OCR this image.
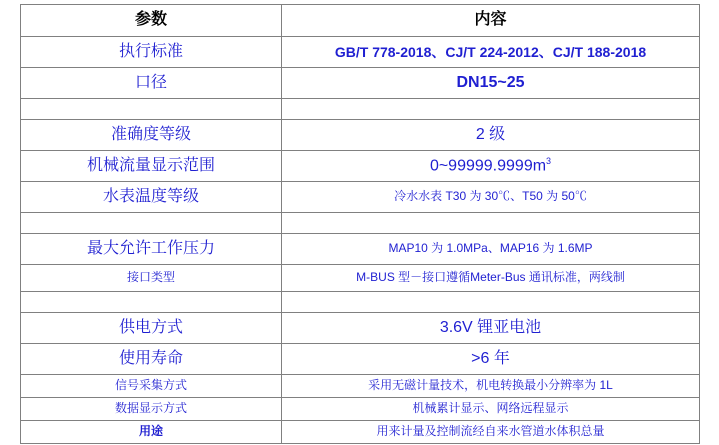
参数	内容
执行标准	GB/T 778-2018、CJ/T 224-2012、CJ/T 188-2018
口径	DN15~25

准确度等级	2 级
机械流量显示范围	$0\sim 99999.9999m^3$
水表温度等级	冷水水表 T30 为 30℃、T50 为 50℃

最大允许工作压力	MAP10 为 1.0MPa、MAP16 为 1.6MP
接口类型	M-BUS 型－接口遵循Meter-Bus 通讯标准，两线制

供电方式	3.6V 锂亚电池
使用寿命	>6 年
信号采集方式	采用无磁计量技术，机电转换最小分辨率为 1L
数据显示方式	机械累计显示、网络远程显示
用途	用来计量及控制流经自来水管道水体积总量
